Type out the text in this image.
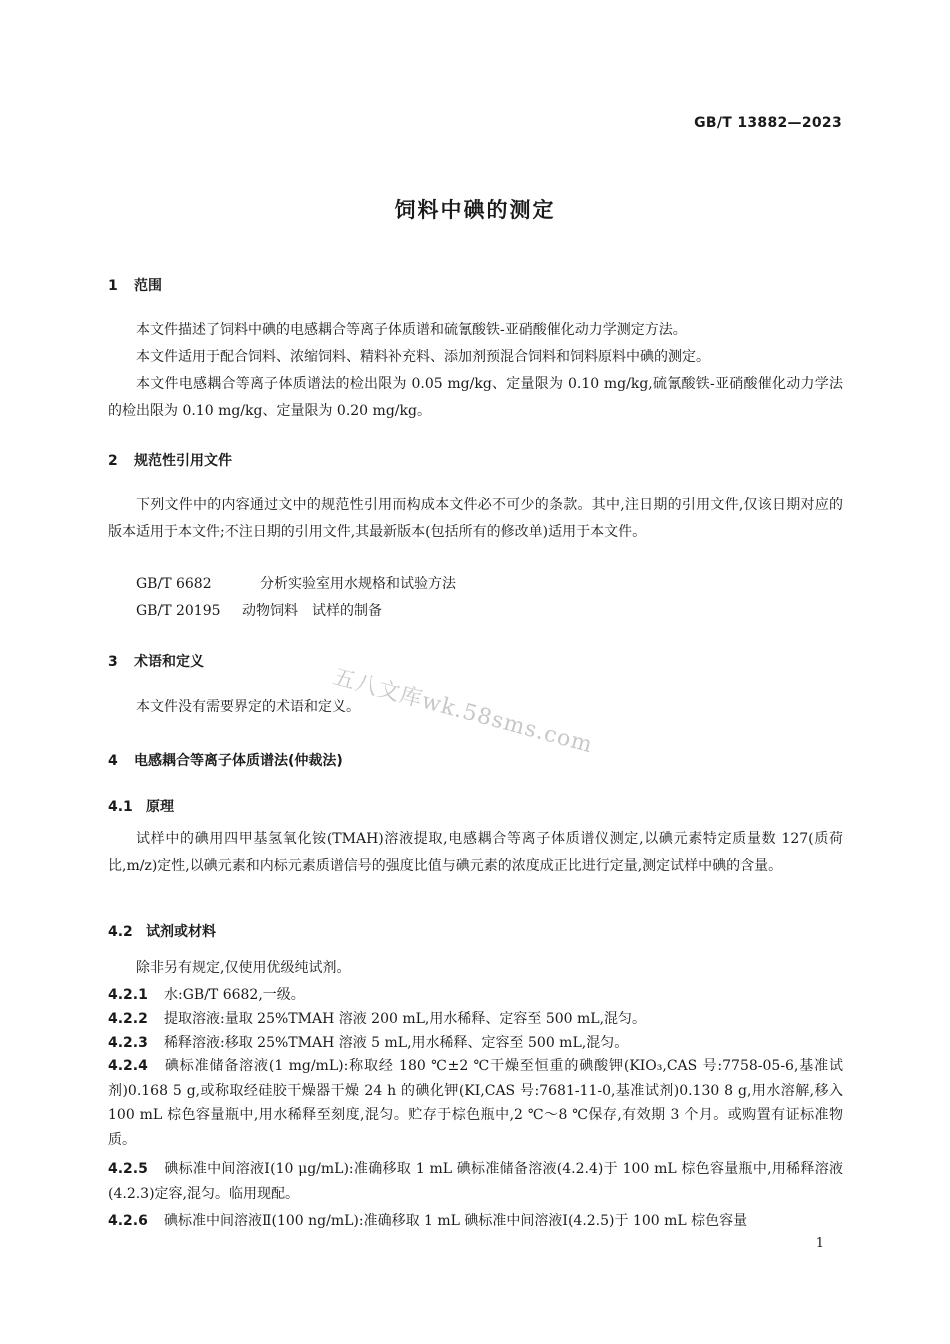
GB/T 13882—2023
饲料中碘的测定
1 范围
本文件描述了饲料中碘的电感耦合等离子体质谱和硫氰酸铁-亚硝酸催化动力学测定方法。
本文件适用于配合饲料、浓缩饲料、精料补充料、添加剂预混合饲料和饲料原料中碘的测定。
本文件电感耦合等离子体质谱法的检出限为 0.05 mg/kg、定量限为 0.10 mg/kg,硫氰酸铁-亚硝酸催化动力学法的检出限为 0.10 mg/kg、定量限为 0.20 mg/kg。
2 规范性引用文件
下列文件中的内容通过文中的规范性引用而构成本文件必不可少的条款。其中,注日期的引用文件,仅该日期对应的版本适用于本文件;不注日期的引用文件,其最新版本(包括所有的修改单)适用于本文件。
GB/T 6682	分析实验室用水规格和试验方法
GB/T 20195 动物饲料　试样的制备
3 术语和定义
本文件没有需要界定的术语和定义。
4 电感耦合等离子体质谱法(仲裁法)
4.1 原理
试样中的碘用四甲基氢氧化铵(TMAH)溶液提取,电感耦合等离子体质谱仪测定,以碘元素特定质量数 127(质荷比,m/z)定性,以碘元素和内标元素质谱信号的强度比值与碘元素的浓度成正比进行定量,测定试样中碘的含量。
4.2 试剂或材料
除非另有规定,仅使用优级纯试剂。
4.2.1 水:GB/T 6682,一级。
4.2.2 提取溶液:量取 25%TMAH 溶液 200 mL,用水稀释、定容至 500 mL,混匀。
4.2.3 稀释溶液:移取 25%TMAH 溶液 5 mL,用水稀释、定容至 500 mL,混匀。
4.2.4 碘标准储备溶液(1 mg/mL):称取经 180 ℃±2 ℃干燥至恒重的碘酸钾(KIO₃,CAS 号:7758-05-6,基准试剂)0.168 5 g,或称取经硅胶干燥器干燥 24 h 的碘化钾(KI,CAS 号:7681-11-0,基准试剂)0.130 8 g,用水溶解,移入 100 mL 棕色容量瓶中,用水稀释至刻度,混匀。贮存于棕色瓶中,2 ℃～8 ℃保存,有效期 3 个月。或购置有证标准物质。
4.2.5 碘标准中间溶液Ⅰ(10 μg/mL):准确移取 1 mL 碘标准储备溶液(4.2.4)于 100 mL 棕色容量瓶中,用稀释溶液(4.2.3)定容,混匀。临用现配。
4.2.6 碘标准中间溶液Ⅱ(100 ng/mL):准确移取 1 mL 碘标准中间溶液Ⅰ(4.2.5)于 100 mL 棕色容量
1
五八文库wk.58sms.com
